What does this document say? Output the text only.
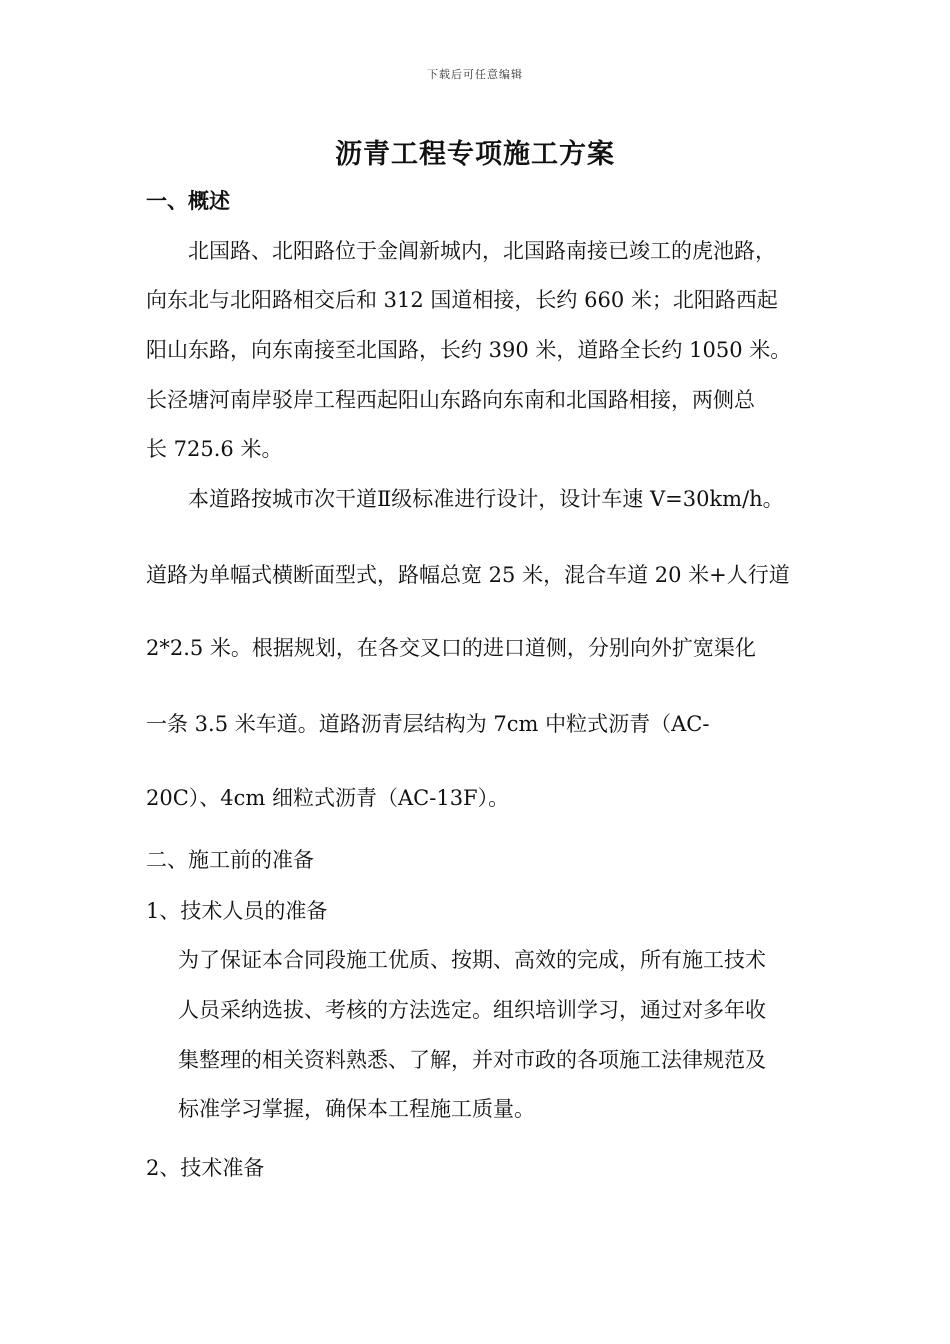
下载后可任意编辑
沥青工程专项施工方案
一、概述
北国路、北阳路位于金阊新城内，北国路南接已竣工的虎池路，
向东北与北阳路相交后和 312 国道相接，长约 660 米；北阳路西起
阳山东路，向东南接至北国路，长约 390 米，道路全长约 1050 米。
长泾塘河南岸驳岸工程西起阳山东路向东南和北国路相接，两侧总
长 725.6 米。
本道路按城市次干道Ⅱ级标准进行设计，设计车速 V=30km/h。
道路为单幅式横断面型式，路幅总宽 25 米，混合车道 20 米+人行道
2*2.5 米。根据规划，在各交叉口的进口道侧，分别向外扩宽渠化
一条 3.5 米车道。道路沥青层结构为 7cm 中粒式沥青（AC-
20C）、4cm 细粒式沥青（AC-13F）。
二、施工前的准备
1、技术人员的准备
为了保证本合同段施工优质、按期、高效的完成，所有施工技术
人员采纳选拔、考核的方法选定。组织培训学习，通过对多年收
集整理的相关资料熟悉、了解，并对市政的各项施工法律规范及
标准学习掌握，确保本工程施工质量。
2、技术准备
